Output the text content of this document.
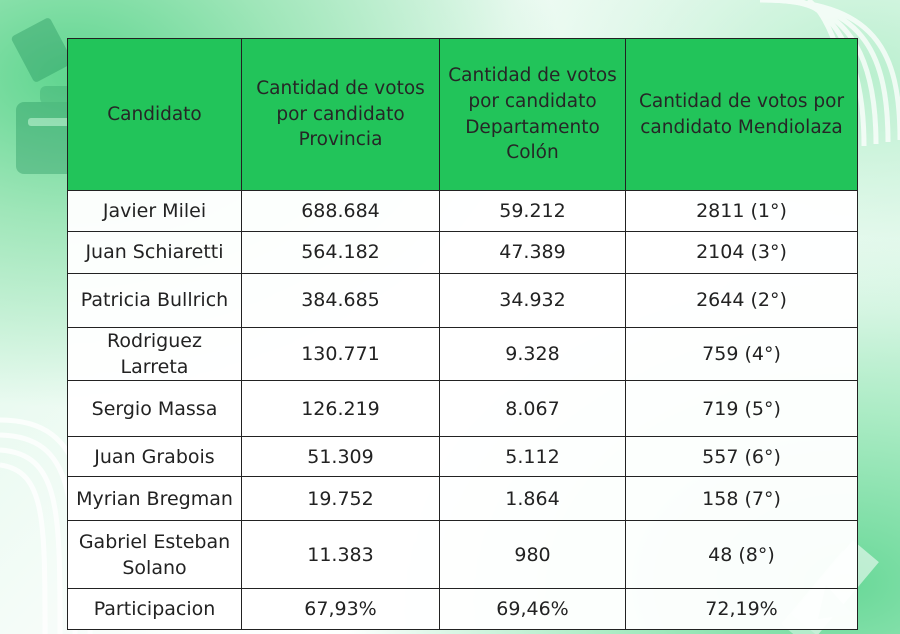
Candidato	Cantidad de votos por candidato Provincia	Cantidad de votos por candidato Departamento Colón	Cantidad de votos por candidato Mendiolaza
Javier Milei	688.684	59.212	2811 (1°)
Juan Schiaretti	564.182	47.389	2104 (3°)
Patricia Bullrich	384.685	34.932	2644 (2°)
Rodriguez Larreta	130.771	9.328	759 (4°)
Sergio Massa	126.219	8.067	719 (5°)
Juan Grabois	51.309	5.112	557 (6°)
Myrian Bregman	19.752	1.864	158 (7°)
Gabriel Esteban Solano	11.383	980	48 (8°)
Participacion	67,93%	69,46%	72,19%
